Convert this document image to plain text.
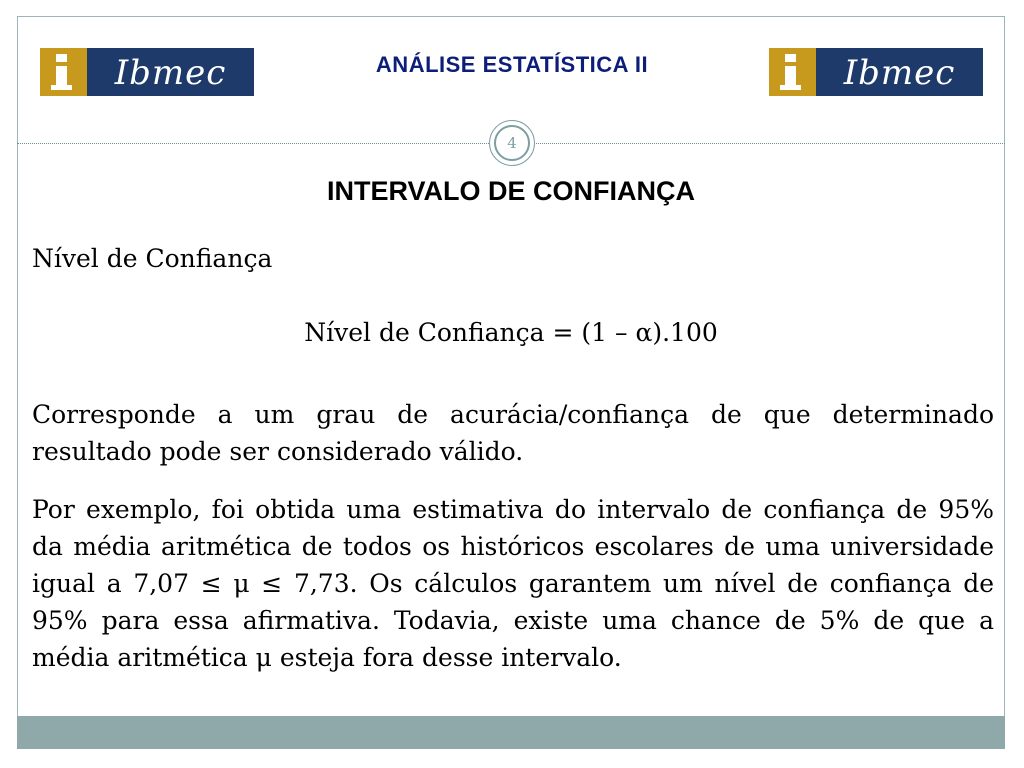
Ibmec	ANÁLISE ESTATÍSTICA II	Ibmec
4
INTERVALO DE CONFIANÇA
Nível de Confiança
Nível de Confiança = (1 – α).100
Corresponde a um grau de acurácia/confiança de que determinado resultado pode ser considerado válido.
Por exemplo, foi obtida uma estimativa do intervalo de confiança de 95% da média aritmética de todos os históricos escolares de uma universidade igual a 7,07 ≤ μ ≤ 7,73. Os cálculos garantem um nível de confiança de 95% para essa afirmativa. Todavia, existe uma chance de 5% de que a média aritmética μ esteja fora desse intervalo.
